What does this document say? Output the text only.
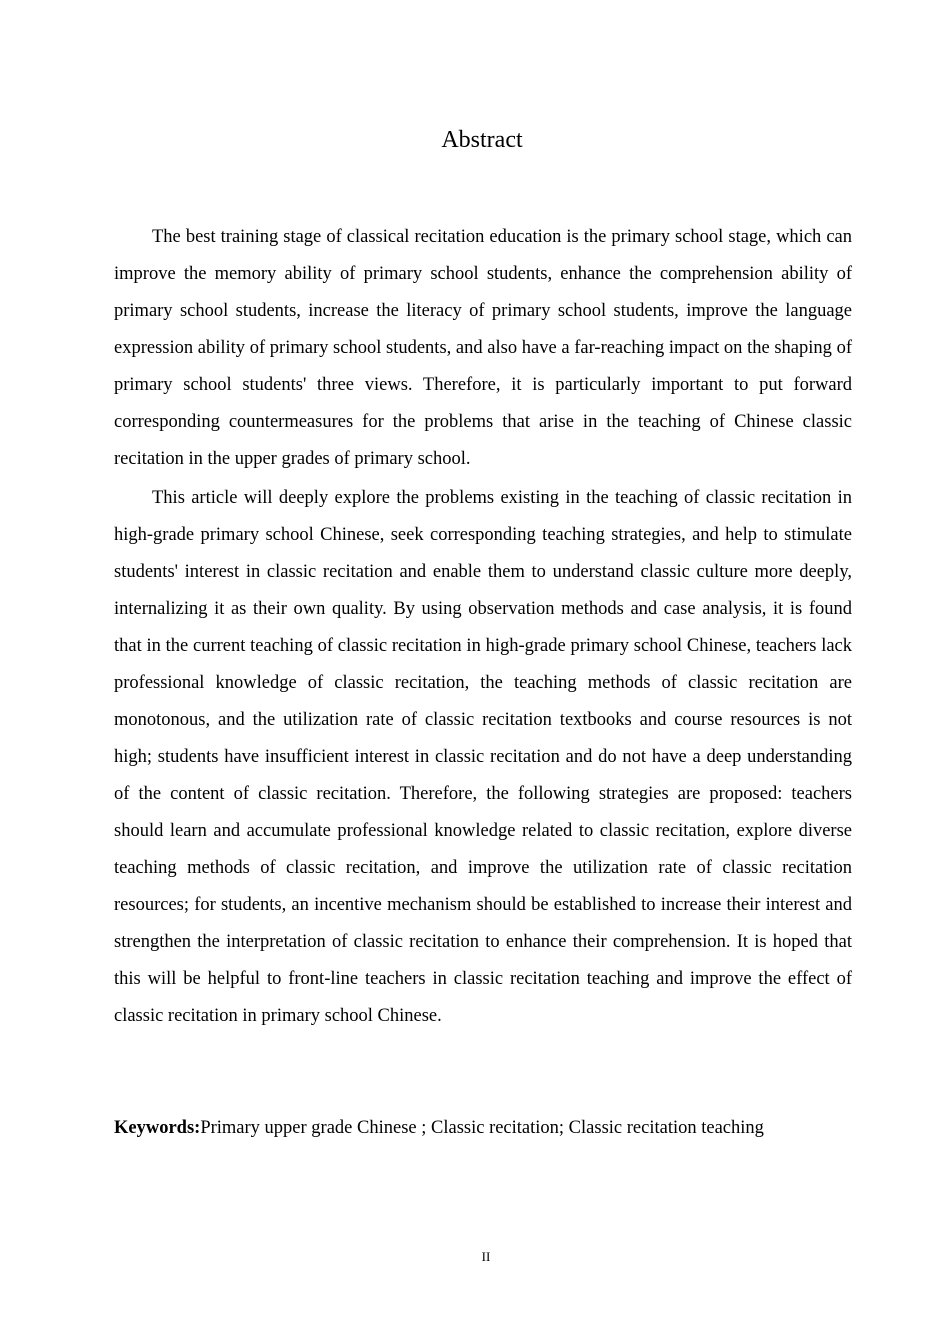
Abstract

The best training stage of classical recitation education is the primary school stage, which can improve the memory ability of primary school students, enhance the comprehension ability of primary school students, increase the literacy of primary school students, improve the language expression ability of primary school students, and also have a far-reaching impact on the shaping of primary school students' three views. Therefore, it is particularly important to put forward corresponding countermeasures for the problems that arise in the teaching of Chinese classic recitation in the upper grades of primary school.

This article will deeply explore the problems existing in the teaching of classic recitation in high-grade primary school Chinese, seek corresponding teaching strategies, and help to stimulate students' interest in classic recitation and enable them to understand classic culture more deeply, internalizing it as their own quality. By using observation methods and case analysis, it is found that in the current teaching of classic recitation in high-grade primary school Chinese, teachers lack professional knowledge of classic recitation, the teaching methods of classic recitation are monotonous, and the utilization rate of classic recitation textbooks and course resources is not high; students have insufficient interest in classic recitation and do not have a deep understanding of the content of classic recitation. Therefore, the following strategies are proposed: teachers should learn and accumulate professional knowledge related to classic recitation, explore diverse teaching methods of classic recitation, and improve the utilization rate of classic recitation resources; for students, an incentive mechanism should be established to increase their interest and strengthen the interpretation of classic recitation to enhance their comprehension. It is hoped that this will be helpful to front-line teachers in classic recitation teaching and improve the effect of classic recitation in primary school Chinese.

Keywords:Primary upper grade Chinese ; Classic recitation; Classic recitation teaching

II
